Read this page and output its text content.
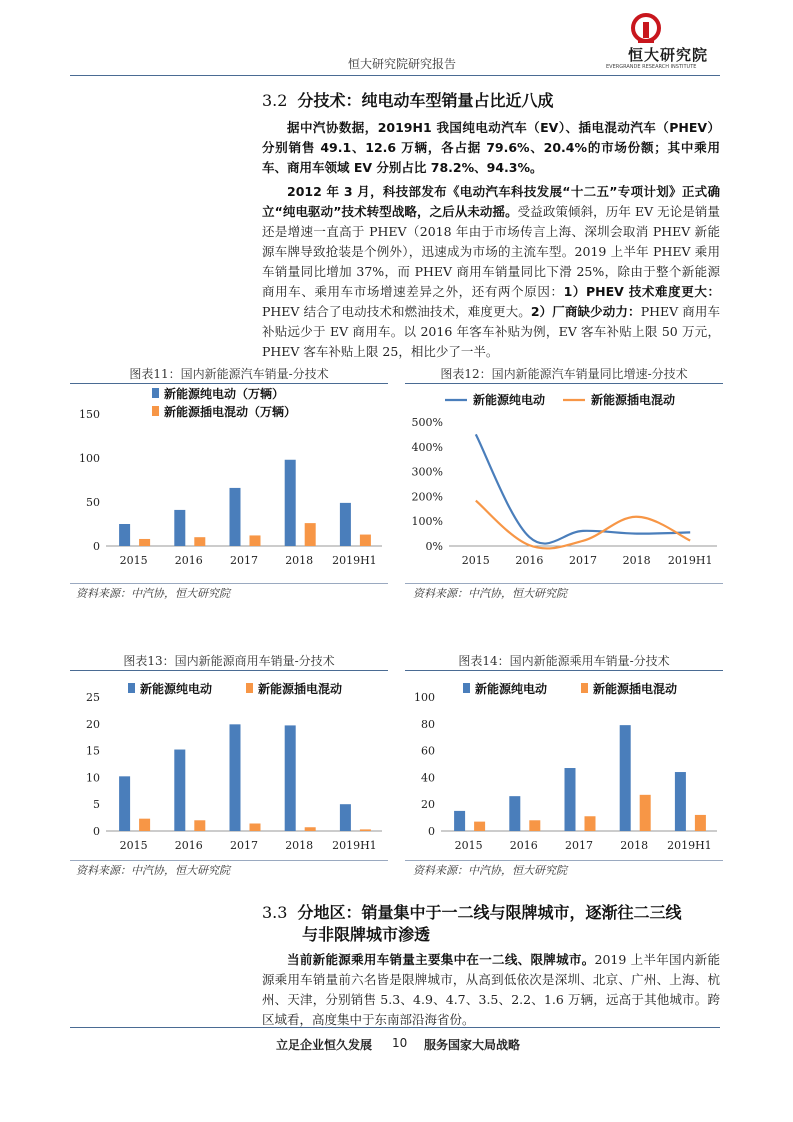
恒大研究院研究报告	恒大研究院
EVERGRANDE RESEARCH INSTITUTE
3.2 分技术：纯电动车型销量占比近八成
据中汽协数据，2019H1 我国纯电动汽车（EV）、插电混动汽车（PHEV）分别销售 49.1、12.6 万辆，各占据 79.6%、20.4%的市场份额；其中乘用车、商用车领域 EV 分别占比 78.2%、94.3%。
2012 年 3 月，科技部发布《电动汽车科技发展“十二五”专项计划》正式确立“纯电驱动”技术转型战略，之后从未动摇。受益政策倾斜，历年 EV 无论是销量还是增速一直高于 PHEV（2018 年由于市场传言上海、深圳会取消 PHEV 新能源车牌导致抢装是个例外），迅速成为市场的主流车型。2019 上半年 PHEV 乘用车销量同比增加 37%，而 PHEV 商用车销量同比下滑 25%，除由于整个新能源商用车、乘用车市场增速差异之外，还有两个原因：1）PHEV 技术难度更大：PHEV 结合了电动技术和燃油技术，难度更大。2）厂商缺少动力：PHEV 商用车补贴远少于 EV 商用车。以 2016 年客车补贴为例，EV 客车补贴上限 50 万元，PHEV 客车补贴上限 25，相比少了一半。
图表11：国内新能源汽车销量-分技术
0
50
100
150
2015 2016 2017 2018 2019H1
新能源纯电动（万辆）
新能源插电混动（万辆）
资料来源：中汽协，恒大研究院
图表12：国内新能源汽车销量同比增速-分技术
0%
100%
200%
300%
400%
500%
2015 2016 2017 2018 2019H1
新能源纯电动	新能源插电混动
资料来源：中汽协，恒大研究院
图表13：国内新能源商用车销量-分技术
0
5
10
15
20
25
2015 2016 2017 2018 2019H1
新能源纯电动	新能源插电混动
资料来源：中汽协，恒大研究院
图表14：国内新能源乘用车销量-分技术
0
20
40
60
80
100
2015 2016 2017 2018 2019H1
新能源纯电动	新能源插电混动
资料来源：中汽协，恒大研究院
3.3 分地区：销量集中于一二线与限牌城市，逐渐往二三线
与非限牌城市渗透
当前新能源乘用车销量主要集中在一二线、限牌城市。2019 上半年国内新能源乘用车销量前六名皆是限牌城市，从高到低依次是深圳、北京、广州、上海、杭州、天津，分别销售 5.3、4.9、4.7、3.5、2.2、1.6 万辆，远高于其他城市。跨区域看，高度集中于东南部沿海省份。
立足企业恒久发展 10 服务国家大局战略
